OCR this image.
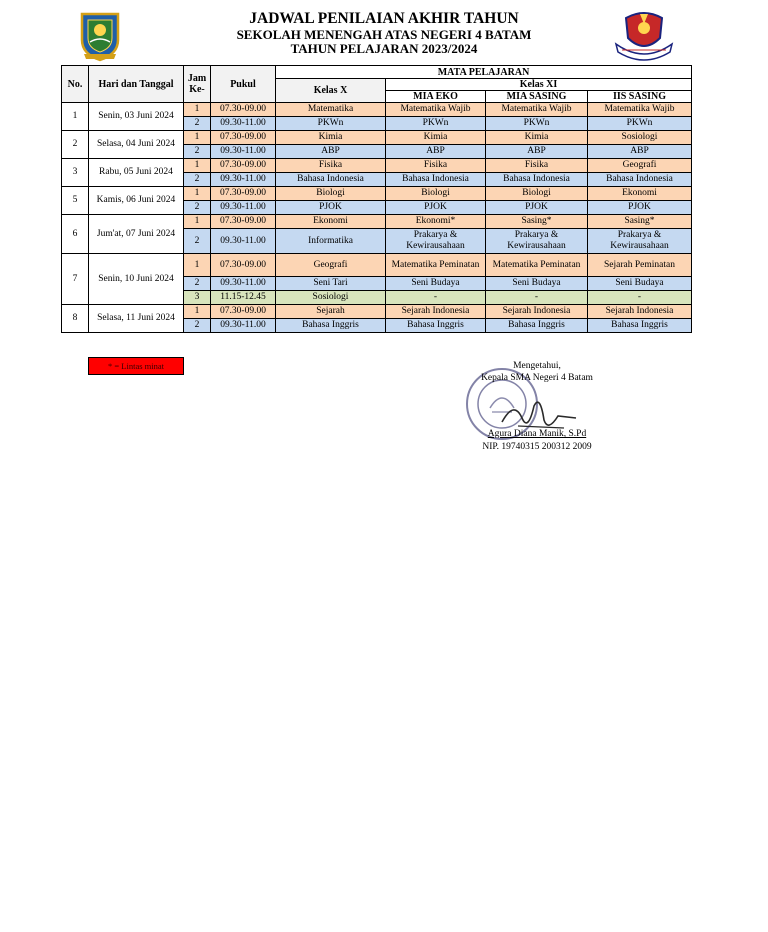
JADWAL PENILAIAN AKHIR TAHUN
SEKOLAH MENENGAH ATAS NEGERI 4 BATAM
TAHUN PELAJARAN 2023/2024
No.	Hari dan Tanggal	Jam Ke-	Pukul	MATA PELAJARAN			
				Kelas X	Kelas XI		
					MIA EKO	MIA SASING	IIS SASING
1	Senin, 03 Juni 2024	1	07.30-09.00	Matematika	Matematika Wajib	Matematika Wajib	Matematika Wajib
		2	09.30-11.00	PKWn	PKWn	PKWn	PKWn
2	Selasa, 04 Juni 2024	1	07.30-09.00	Kimia	Kimia	Kimia	Sosiologi
		2	09.30-11.00	ABP	ABP	ABP	ABP
3	Rabu, 05 Juni 2024	1	07.30-09.00	Fisika	Fisika	Fisika	Geografi
		2	09.30-11.00	Bahasa Indonesia	Bahasa Indonesia	Bahasa Indonesia	Bahasa Indonesia
5	Kamis, 06 Juni 2024	1	07.30-09.00	Biologi	Biologi	Biologi	Ekonomi
		2	09.30-11.00	PJOK	PJOK	PJOK	PJOK
6	Jum'at, 07 Juni 2024	1	07.30-09.00	Ekonomi	Ekonomi*	Sasing*	Sasing*
		2	09.30-11.00	Informatika	Prakarya & Kewirausahaan	Prakarya & Kewirausahaan	Prakarya & Kewirausahaan
7	Senin, 10 Juni 2024	1	07.30-09.00	Geografi	Matematika Peminatan	Matematika Peminatan	Sejarah Peminatan
		2	09.30-11.00	Seni Tari	Seni Budaya	Seni Budaya	Seni Budaya
		3	11.15-12.45	Sosiologi	-	-	-
8	Selasa, 11 Juni 2024	1	07.30-09.00	Sejarah	Sejarah Indonesia	Sejarah Indonesia	Sejarah Indonesia
		2	09.30-11.00	Bahasa Inggris	Bahasa Inggris	Bahasa Inggris	Bahasa Inggris
* = Lintas minat	Mengetahui,
Kepala SMA Negeri 4 Batam
Agura Diana Manik, S.Pd
NIP. 19740315 200312 2009
